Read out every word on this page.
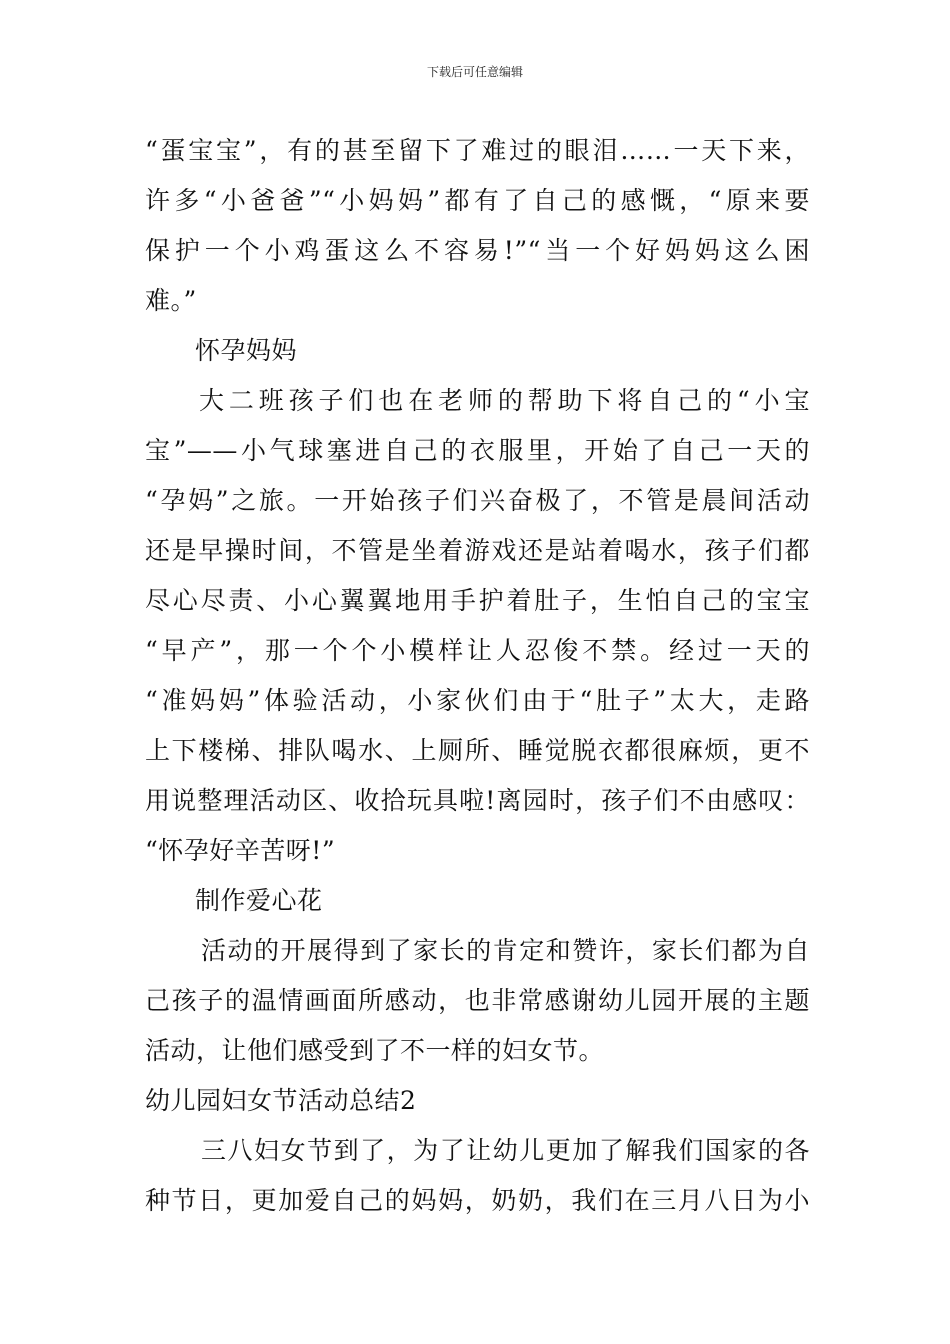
下载后可任意编辑
“蛋宝宝”，有的甚至留下了难过的眼泪……一天下来，
许多“小爸爸”“小妈妈”都有了自己的感慨，“原来要
保护一个小鸡蛋这么不容易!”“当一个好妈妈这么困
难。”
怀孕妈妈
大二班孩子们也在老师的帮助下将自己的“小宝
宝”——小气球塞进自己的衣服里，开始了自己一天的
“孕妈”之旅。一开始孩子们兴奋极了，不管是晨间活动
还是早操时间，不管是坐着游戏还是站着喝水，孩子们都
尽心尽责、小心翼翼地用手护着肚子，生怕自己的宝宝
“早产”，那一个个小模样让人忍俊不禁。经过一天的
“准妈妈”体验活动，小家伙们由于“肚子”太大，走路
上下楼梯、排队喝水、上厕所、睡觉脱衣都很麻烦，更不
用说整理活动区、收拾玩具啦!离园时，孩子们不由感叹：
“怀孕好辛苦呀!”
制作爱心花
活动的开展得到了家长的肯定和赞许，家长们都为自
己孩子的温情画面所感动，也非常感谢幼儿园开展的主题
活动，让他们感受到了不一样的妇女节。
幼儿园妇女节活动总结2
三八妇女节到了，为了让幼儿更加了解我们国家的各
种节日，更加爱自己的妈妈，奶奶，我们在三月八日为小
